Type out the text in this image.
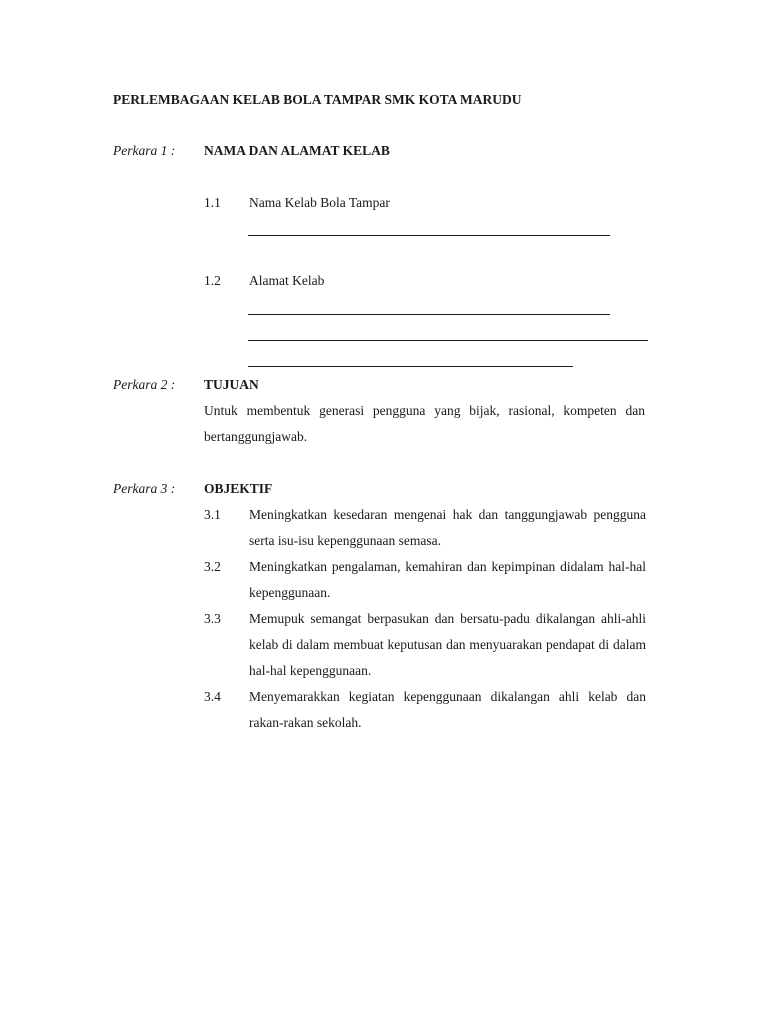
PERLEMBAGAAN KELAB BOLA TAMPAR SMK KOTA MARUDU
Perkara 1 : NAMA DAN ALAMAT KELAB
1.1 Nama Kelab Bola Tampar
1.2 Alamat Kelab
Perkara 2 : TUJUAN
Untuk membentuk generasi pengguna yang bijak, rasional, kompeten dan bertanggungjawab.
Perkara 3 : OBJEKTIF
3.1 Meningkatkan kesedaran mengenai hak dan tanggungjawab pengguna serta isu-isu kepenggunaan semasa.
3.2 Meningkatkan pengalaman, kemahiran dan kepimpinan didalam hal-hal kepenggunaan.
3.3 Memupuk semangat berpasukan dan bersatu-padu dikalangan ahli-ahli kelab di dalam membuat keputusan dan menyuarakan pendapat di dalam hal-hal kepenggunaan.
3.4 Menyemarakkan kegiatan kepenggunaan dikalangan ahli kelab dan rakan-rakan sekolah.
